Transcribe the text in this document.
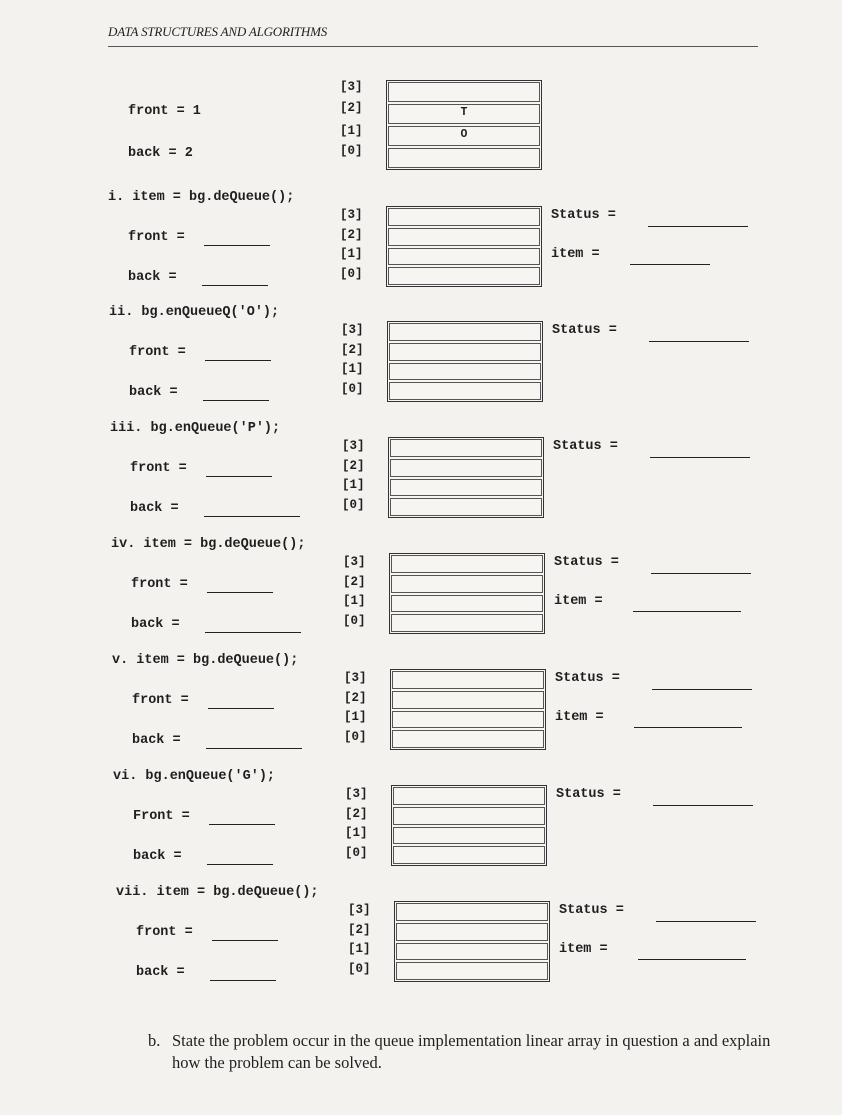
DATA STRUCTURES AND ALGORITHMS
front = 1
back = 2
[3]
[2]
[1]
[0]
T
O
i. item = bg.deQueue();
front =
back =
[3]
[2]
[1]
[0]
Status =
item =
ii. bg.enQueueQ('O');
front =
back =
[3]
[2]
[1]
[0]
Status =
iii. bg.enQueue('P');
front =
back =
[3]
[2]
[1]
[0]
Status =
iv. item = bg.deQueue();
front =
back =
[3]
[2]
[1]
[0]
Status =
item =
v. item = bg.deQueue();
front =
back =
[3]
[2]
[1]
[0]
Status =
item =
vi. bg.enQueue('G');
Front =
back =
[3]
[2]
[1]
[0]
Status =
vii. item = bg.deQueue();
front =
back =
[3]
[2]
[1]
[0]
Status =
item =
b. State the problem occur in the queue implementation linear array in question a and explain how the problem can be solved.
